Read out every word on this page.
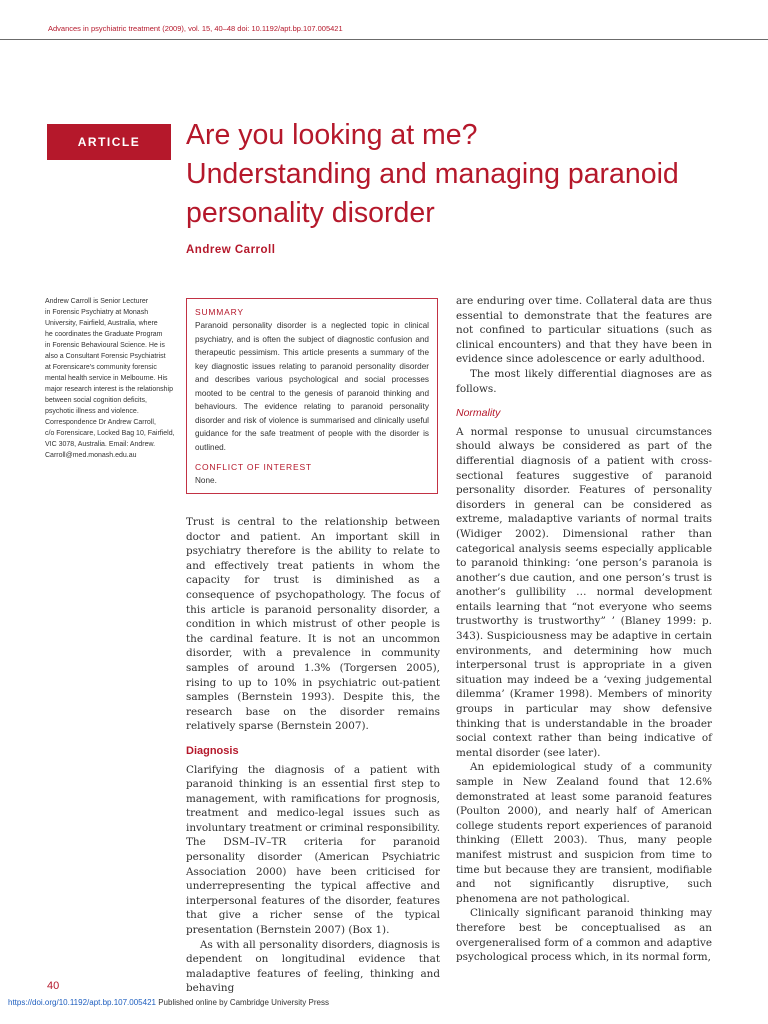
Advances in psychiatric treatment (2009), vol. 15, 40–48 doi: 10.1192/apt.bp.107.005421
ARTICLE	Are you looking at me?
Understanding and managing paranoid
personality disorder
Andrew Carroll

Andrew Carroll is Senior Lecturer

in Forensic Psychiatry at Monash

University, Fairfield, Australia, where

he coordinates the Graduate Program

in Forensic Behavioural Science. He is

also a Consultant Forensic Psychiatrist

at Forensicare's community forensic

mental health service in Melbourne. His

major research interest is the relationship

between social cognition deficits,

psychotic illness and violence.

Correspondence Dr Andrew Carroll,

c/o Forensicare, Locked Bag 10, Fairfield,

VIC 3078, Australia. Email: Andrew.

Carroll@med.monash.edu.au

SUMMARY

Paranoid personality disorder is a neglected topic in clinical psychiatry, and is often the subject of diagnostic confusion and therapeutic pessimism. This article presents a summary of the key diagnostic issues relating to paranoid personality disorder and describes various psychological and social processes mooted to be central to the genesis of paranoid thinking and behaviours. The evidence relating to paranoid personality disorder and risk of violence is summarised and clinically useful guidance for the safe treatment of people with the disorder is outlined.

CONFLICT OF INTEREST

None.

Trust is central to the relationship between doctor and patient. An important skill in psychiatry therefore is the ability to relate to and effectively treat patients in whom the capacity for trust is diminished as a consequence of psychopathology. The focus of this article is paranoid personality disorder, a condition in which mistrust of other people is the cardinal feature. It is not an uncommon disorder, with a prevalence in community samples of around 1.3% (Torgersen 2005), rising to up to 10% in psychiatric out-patient samples (Bernstein 1993). Despite this, the research base on the disorder remains relatively sparse (Bernstein 2007).

Diagnosis

Clarifying the diagnosis of a patient with paranoid thinking is an essential first step to management, with ramifications for prognosis, treatment and medico-legal issues such as involuntary treatment or criminal responsibility. The DSM–IV–TR criteria for paranoid personality disorder (American Psychiatric Association 2000) have been criticised for underrepresenting the typical affective and interpersonal features of the disorder, features that give a richer sense of the typical presentation (Bernstein 2007) (Box 1).

As with all personality disorders, diagnosis is dependent on longitudinal evidence that maladaptive features of feeling, thinking and behaving

are enduring over time. Collateral data are thus essential to demonstrate that the features are not confined to particular situations (such as clinical encounters) and that they have been in evidence since adolescence or early adulthood.

The most likely differential diagnoses are as follows.

Normality

A normal response to unusual circumstances should always be considered as part of the differential diagnosis of a patient with cross-sectional features suggestive of paranoid personality disorder. Features of personality disorders in general can be considered as extreme, maladaptive variants of normal traits (Widiger 2002). Dimensional rather than categorical analysis seems especially applicable to paranoid thinking: ‘one person’s paranoia is another’s due caution, and one person’s trust is another’s gullibility … normal development entails learning that “not everyone who seems trustworthy is trustworthy” ’ (Blaney 1999: p. 343). Suspiciousness may be adaptive in certain environments, and determining how much interpersonal trust is appropriate in a given situation may indeed be a ‘vexing judgemental dilemma’ (Kramer 1998). Members of minority groups in particular may show defensive thinking that is understandable in the broader social context rather than being indicative of mental disorder (see later).

An epidemiological study of a community sample in New Zealand found that 12.6% demonstrated at least some paranoid features (Poulton 2000), and nearly half of American college students report experiences of paranoid thinking (Ellett 2003). Thus, many people manifest mistrust and suspicion from time to time but because they are transient, modifiable and not significantly disruptive, such phenomena are not pathological.

Clinically significant paranoid thinking may therefore best be conceptualised as an overgeneralised form of a common and adaptive psychological process which, in its normal form,

40
https://doi.org/10.1192/apt.bp.107.005421 Published online by Cambridge University Press
